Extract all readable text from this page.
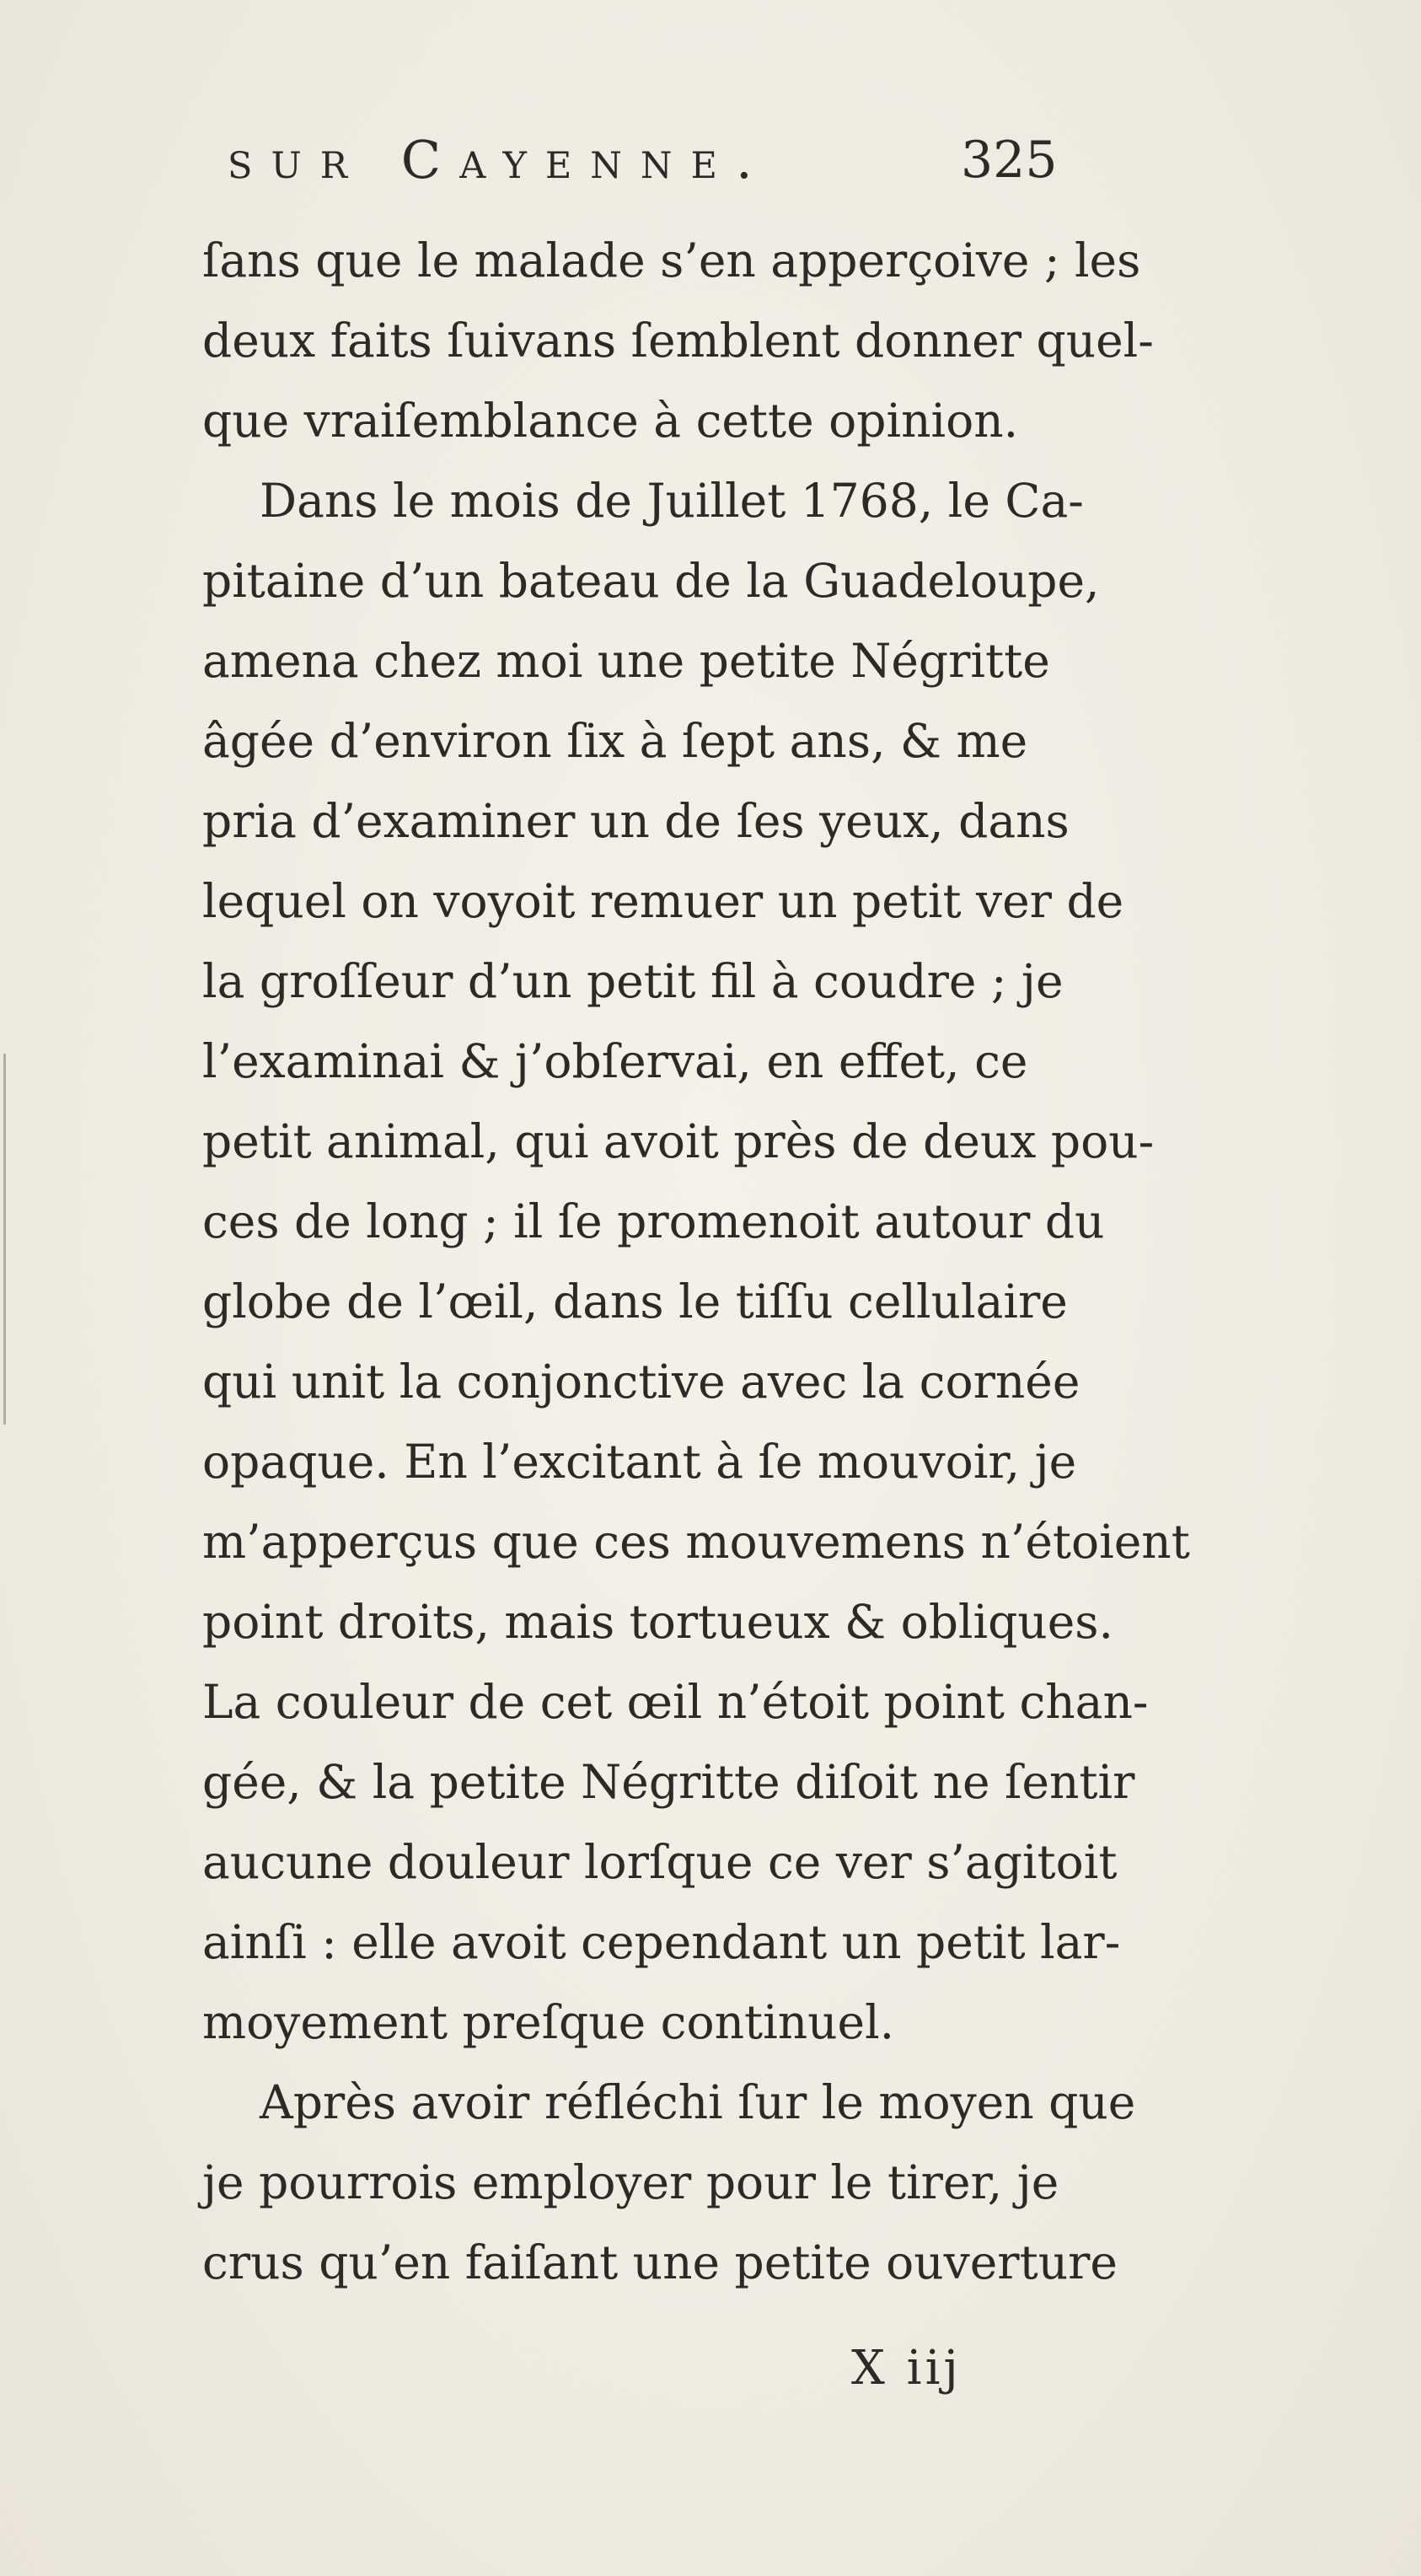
sur Cayenne.	325
ſans que le malade s’en apperçoive ; les
deux faits ſuivans ſemblent donner quel-
que vraiſemblance à cette opinion.
Dans le mois de Juillet 1768, le Ca-
pitaine d’un bateau de la Guadeloupe,
amena chez moi une petite Négritte
âgée d’environ ſix à ſept ans, & me
pria d’examiner un de ſes yeux, dans
lequel on voyoit remuer un petit ver de
la groſſeur d’un petit fil à coudre ; je
l’examinai & j’obſervai, en effet, ce
petit animal, qui avoit près de deux pou-
ces de long ; il ſe promenoit autour du
globe de l’œil, dans le tiſſu cellulaire
qui unit la conjonctive avec la cornée
opaque. En l’excitant à ſe mouvoir, je
m’apperçus que ces mouvemens n’étoient
point droits, mais tortueux & obliques.
La couleur de cet œil n’étoit point chan-
gée, & la petite Négritte diſoit ne ſentir
aucune douleur lorſque ce ver s’agitoit
ainſi : elle avoit cependant un petit lar-
moyement preſque continuel.
Après avoir réfléchi ſur le moyen que
je pourrois employer pour le tirer, je
crus qu’en faiſant une petite ouverture
X iij
